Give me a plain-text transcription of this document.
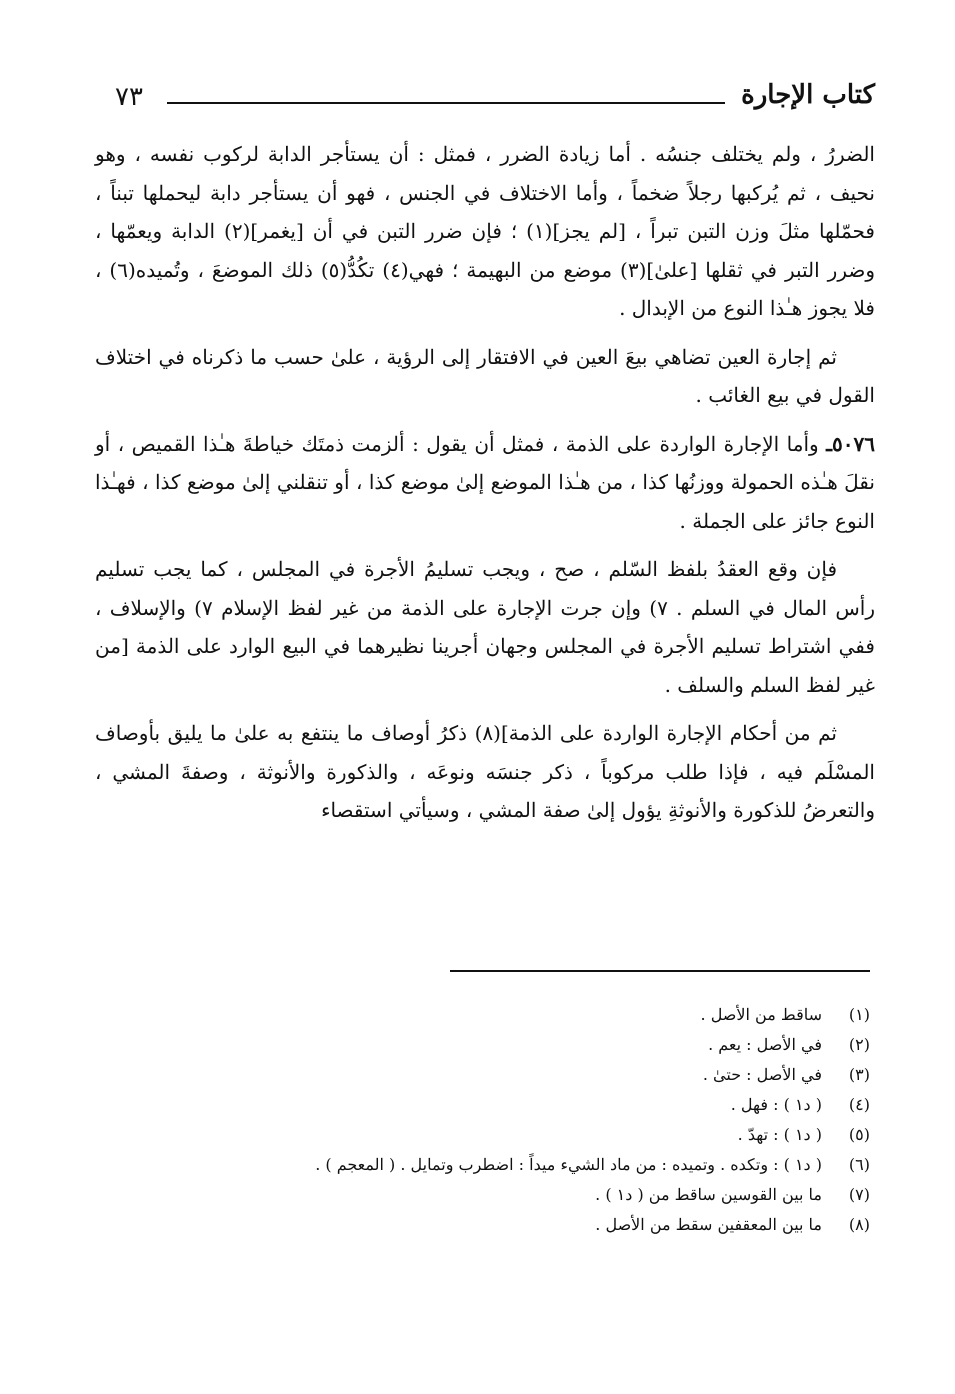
٧٣	كتاب الإجارة

الضررُ ، ولم يختلف جنسُه . أما زيادة الضرر ، فمثل : أن يستأجر الدابة لركوب نفسه ، وهو نحيف ، ثم يُركبها رجلاً ضخماً ، وأما الاختلاف في الجنس ، فهو أن يستأجر دابة ليحملها تبناً ، فحمّلها مثلَ وزن التبن تبراً ، [لم يجز](١) ؛ فإن ضرر التبن في أن [يغمر](٢) الدابة ويعمّها ، وضرر التبر في ثقلها [علىٰ](٣) موضع من البهيمة ؛ فهي(٤) تكُدُّ(٥) ذلك الموضعَ ، وتُميده(٦) ، فلا يجوز هـٰذا النوع من الإبدال .

ثم إجارة العين تضاهي بيعَ العين في الافتقار إلى الرؤية ، علىٰ حسب ما ذكرناه في اختلاف القول في بيع الغائب .

٥٠٧٦ـ وأما الإجارة الواردة على الذمة ، فمثل أن يقول : ألزمت ذمتَك خياطةَ هـٰذا القميص ، أو نقلَ هـٰذه الحمولة ووزنُها كذا ، من هـٰذا الموضع إلىٰ موضع كذا ، أو تنقلني إلىٰ موضع كذا ، فهـٰذا النوع جائز على الجملة .

فإن وقع العقدُ بلفظ السّلم ، صح ، ويجب تسليمُ الأجرة في المجلس ، كما يجب تسليم رأس المال في السلم . ٧) وإن جرت الإجارة على الذمة من غير لفظ الإسلام ٧) والإسلاف ، ففي اشتراط تسليم الأجرة في المجلس وجهان أجرينا نظيرهما في البيع الوارد على الذمة [من غير لفظ السلم والسلف .

ثم من أحكام الإجارة الواردة على الذمة](٨) ذكرُ أوصاف ما ينتفع به علىٰ ما يليق بأوصاف المسْلَم فيه ، فإذا طلب مركوباً ، ذكر جنسَه ونوعَه ، والذكورة والأنوثة ، وصفةَ المشي ، والتعرضُ للذكورة والأنوثةِ يؤول إلىٰ صفة المشي ، وسيأتي استقصاء

(١)
ساقط من الأصل .
(٢)
في الأصل : يعم .
(٣)
في الأصل : حتىٰ .
(٤)
( د١ ) : فهل .
(٥)
( د١ ) : تهدّ .
(٦)
( د١ ) : وتكده . وتميده : من ماد الشيء ميداً : اضطرب وتمايل . ( المعجم ) .
(٧)
ما بين القوسين ساقط من ( د١ ) .
(٨)
ما بين المعقفين سقط من الأصل .
